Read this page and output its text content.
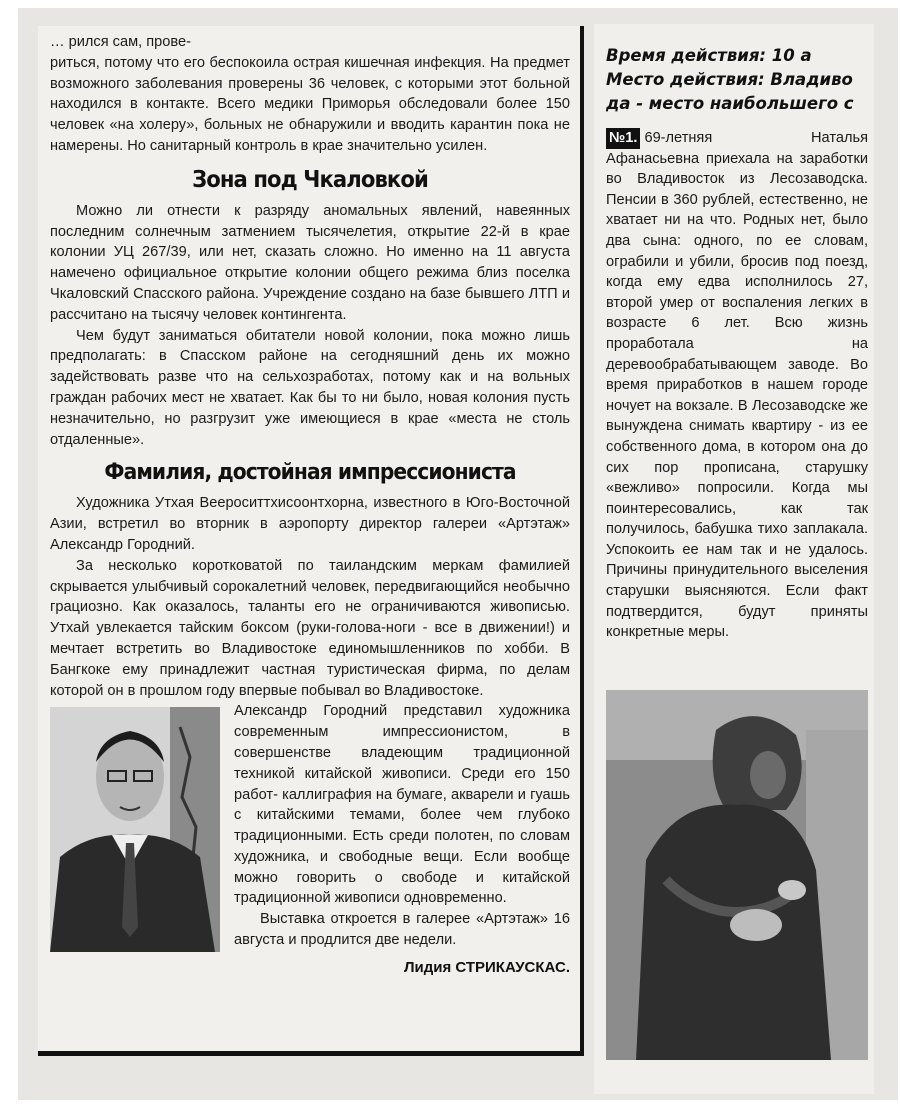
… рился сам, прове-
риться, потому что его беспокоила острая кишечная инфекция. На предмет возможного заболевания проверены 36 человек, с которыми этот больной находился в контакте. Всего медики Приморья обследовали более 150 человек «на холеру», больных не обнаружили и вводить карантин пока не намерены. Но санитарный контроль в крае значительно усилен.

Зона под Чкаловкой

Можно ли отнести к разряду аномальных явлений, навеянных последним солнечным затмением тысячелетия, открытие 22-й в крае колонии УЦ 267/39, или нет, сказать сложно. Но именно на 11 августа намечено официальное открытие колонии общего режима близ поселка Чкаловский Спасского района. Учреждение создано на базе бывшего ЛТП и рассчитано на тысячу человек контингента.

Чем будут заниматься обитатели новой колонии, пока можно лишь предполагать: в Спасском районе на сегодняшний день их можно задействовать разве что на сельхозработах, потому как и на вольных граждан рабочих мест не хватает. Как бы то ни было, новая колония пусть незначительно, но разгрузит уже имеющиеся в крае «места не столь отдаленные».

Фамилия, достойная импрессиониста

Художника Утхая Веероситтхисоонтхорна, известного в Юго-Восточной Азии, встретил во вторник в аэропорту директор галереи «Артэтаж» Александр Городний.

За несколько коротковатой по таиландским меркам фамилией скрывается улыбчивый сорокалетний человек, передвигающийся необычно грациозно. Как оказалось, таланты его не ограничиваются живописью. Утхай увлекается тайским боксом (руки-голова-ноги - все в движении!) и мечтает встретить во Владивостоке единомышленников по хобби. В Бангкоке ему принадлежит частная туристическая фирма, по делам которой он в прошлом году впервые побывал во Владивостоке.

Александр Городний представил художника современным импрессионистом, в совершенстве владеющим традиционной техникой китайской живописи. Среди его 150 работ- каллиграфия на бумаге, акварели и гуашь с китайскими темами, более чем глубоко традиционными. Есть среди полотен, по словам художника, и свободные вещи. Если вообще можно говорить о свободе и китайской традиционной живописи одновременно.

Выставка откроется в галерее «Артэтаж» 16 августа и продлится две недели.

Лидия СТРИКАУСКАС.
Время действия: 10 а
Место действия: Владиво
да - место наибольшего с
№1. 69-летняя Наталья Афанасьевна приехала на заработки во Владивосток из Лесозаводска. Пенсии в 360 рублей, естественно, не хватает ни на что. Родных нет, было два сына: одного, по ее словам, ограбили и убили, бросив под поезд, когда ему едва исполнилось 27, второй умер от воспаления легких в возрасте 6 лет. Всю жизнь проработала на деревообрабатывающем заводе. Во время приработков в нашем городе ночует на вокзале. В Лесозаводске же вынуждена снимать квартиру - из ее собственного дома, в котором она до сих пор прописана, старушку «вежливо» попросили. Когда мы поинтересовались, как так получилось, бабушка тихо заплакала. Успокоить ее нам так и не удалось. Причины принудительного выселения старушки выясняются. Если факт подтвердится, будут приняты конкретные меры.
